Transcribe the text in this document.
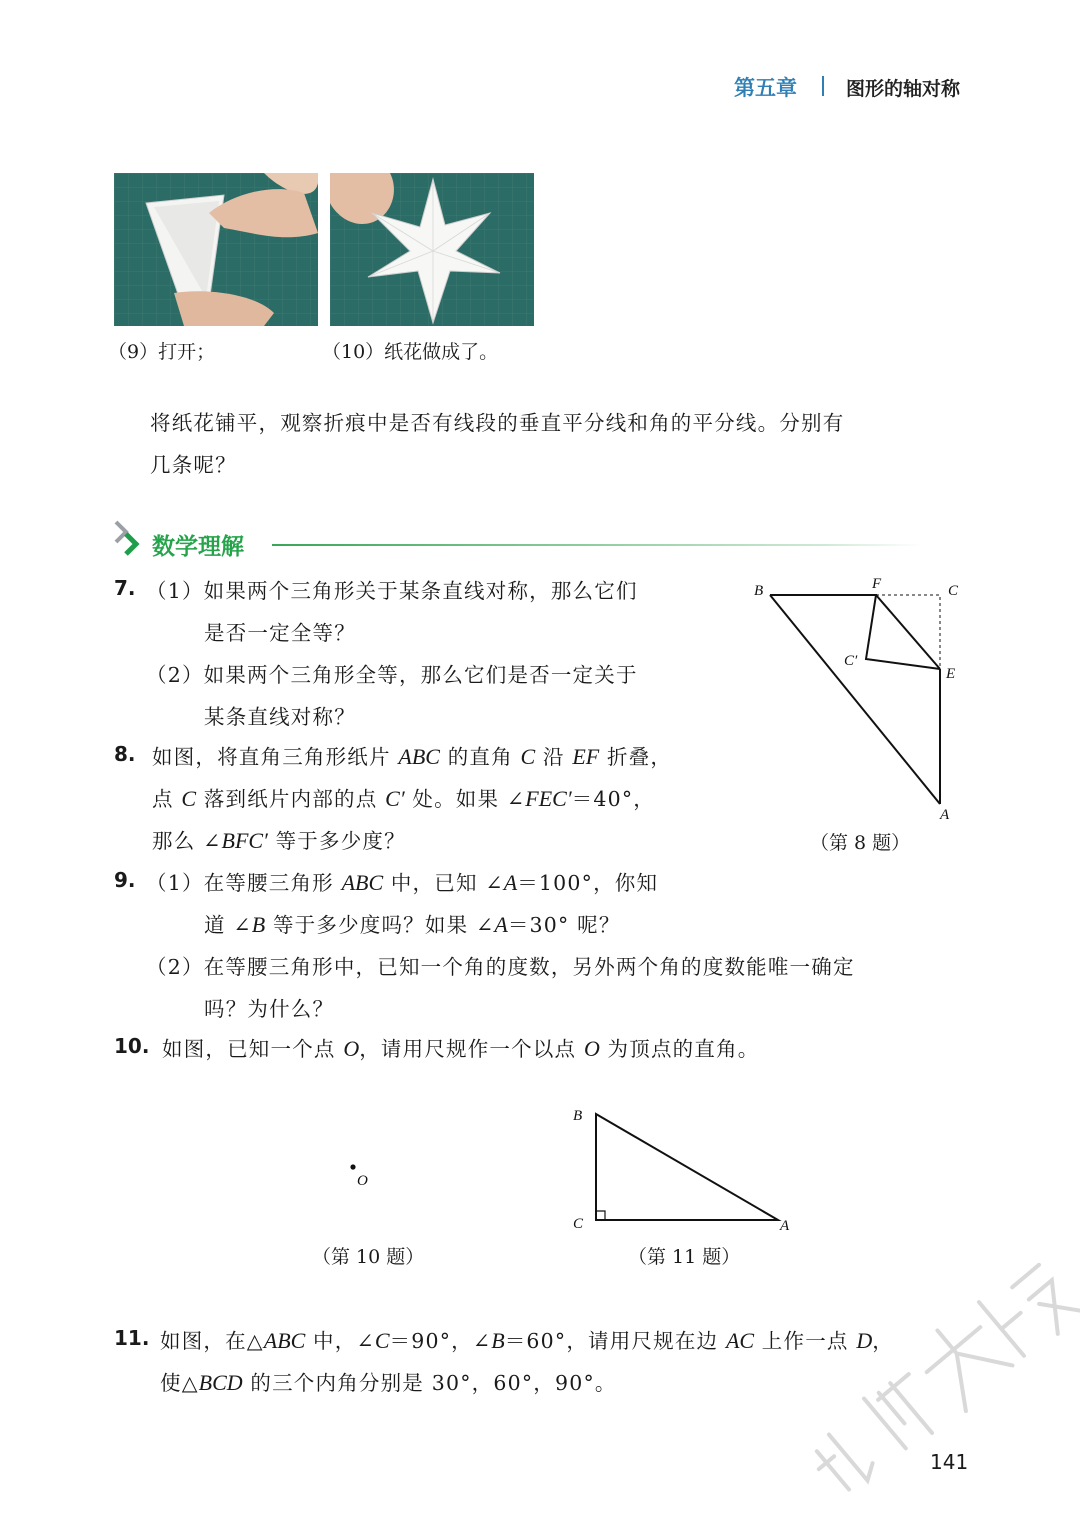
第五章	图形的轴对称
（9）打开；	（10）纸花做成了。
将纸花铺平，观察折痕中是否有线段的垂直平分线和角的平分线。分别有
几条呢？
数学理解
7. （1）如果两个三角形关于某条直线对称，那么它们
是否一定全等？
（2）如果两个三角形全等，那么它们是否一定关于
某条直线对称？
8. 如图，将直角三角形纸片 ABC 的直角 C 沿 EF 折叠，
点 C 落到纸片内部的点 C′ 处。如果 ∠FEC′＝40°，
那么 ∠BFC′ 等于多少度？
B	F	C
C′
E
A
（第 8 题）
9. （1）在等腰三角形 ABC 中，已知 ∠A＝100°，你知
道 ∠B 等于多少度吗？如果 ∠A＝30° 呢？
（2）在等腰三角形中，已知一个角的度数，另外两个角的度数能唯一确定
吗？为什么？
10. 如图，已知一个点 O，请用尺规作一个以点 O 为顶点的直角。
O
（第 10 题）
B
C	A
（第 11 题）
11. 如图，在△ABC 中，∠C＝90°，∠B＝60°，请用尺规在边 AC 上作一点 D，
使△BCD 的三个内角分别是 30°，60°，90°。
141
